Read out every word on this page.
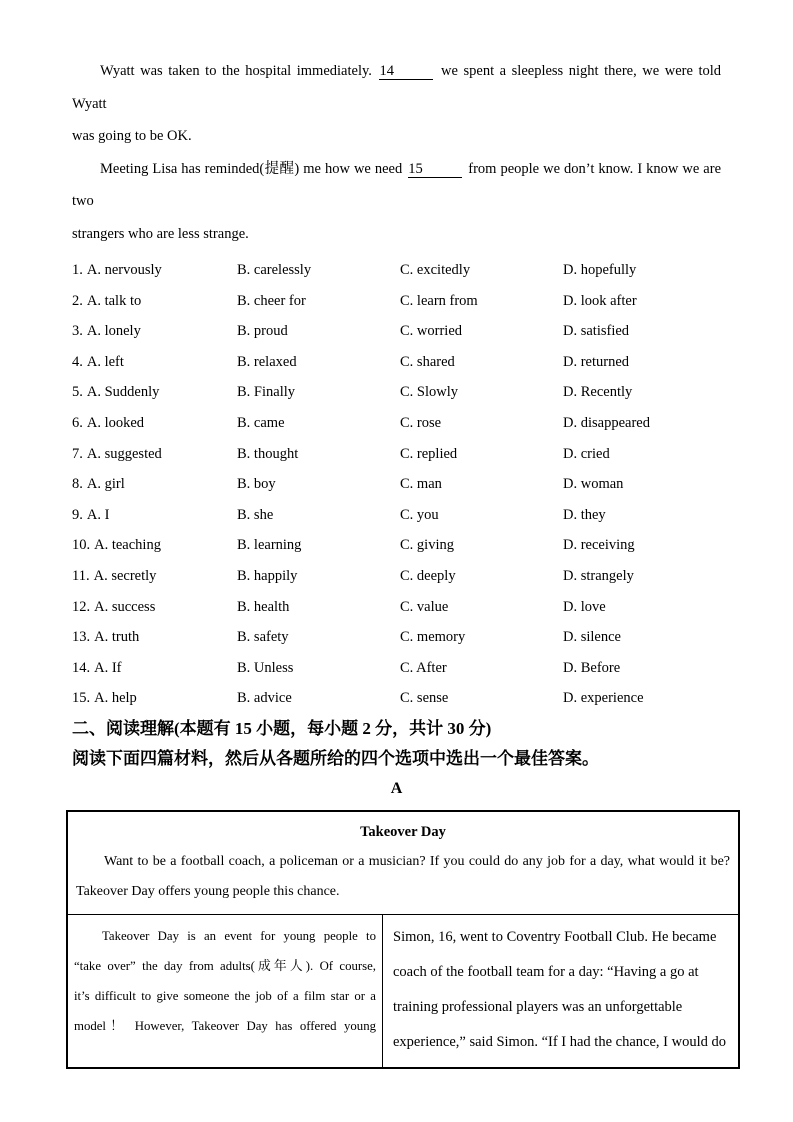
Wyatt was taken to the hospital immediately. 14	we spent a sleepless night there, we were told Wyatt
was going to be OK.
Meeting Lisa has reminded(提醒) me how we need 15	from people we don’t know. I know we are two
strangers who are less strange.
1. A. nervously	B. carelessly	C. excitedly	D. hopefully
2. A. talk to	B. cheer for	C. learn from	D. look after
3. A. lonely	B. proud	C. worried	D. satisfied
4. A. left	B. relaxed	C. shared	D. returned
5. A. Suddenly	B. Finally	C. Slowly	D. Recently
6. A. looked	B. came	C. rose	D. disappeared
7. A. suggested	B. thought	C. replied	D. cried
8. A. girl	B. boy	C. man	D. woman
9. A. I	B. she	C. you	D. they
10. A. teaching	B. learning	C. giving	D. receiving
11. A. secretly	B. happily	C. deeply	D. strangely
12. A. success	B. health	C. value	D. love
13. A. truth	B. safety	C. memory	D. silence
14. A. If	B. Unless	C. After	D. Before
15. A. help	B. advice	C. sense	D. experience
二、阅读理解(本题有 15 小题，每小题 2 分，共计 30 分)
阅读下面四篇材料，然后从各题所给的四个选项中选出一个最佳答案。
A
Takeover Day
Want to be a football coach, a policeman or a musician? If you could do any job for a day, what would it be?
Takeover Day offers young people this chance.
Takeover Day is an event for young people to
“take over” the day from adults(成年人). Of course,
it’s difficult to give someone the job of a film star or a
model！ However, Takeover Day has offered young
Simon, 16, went to Coventry Football Club. He became
coach of the football team for a day: “Having a go at
training professional players was an unforgettable
experience,” said Simon. “If I had the chance, I would do
